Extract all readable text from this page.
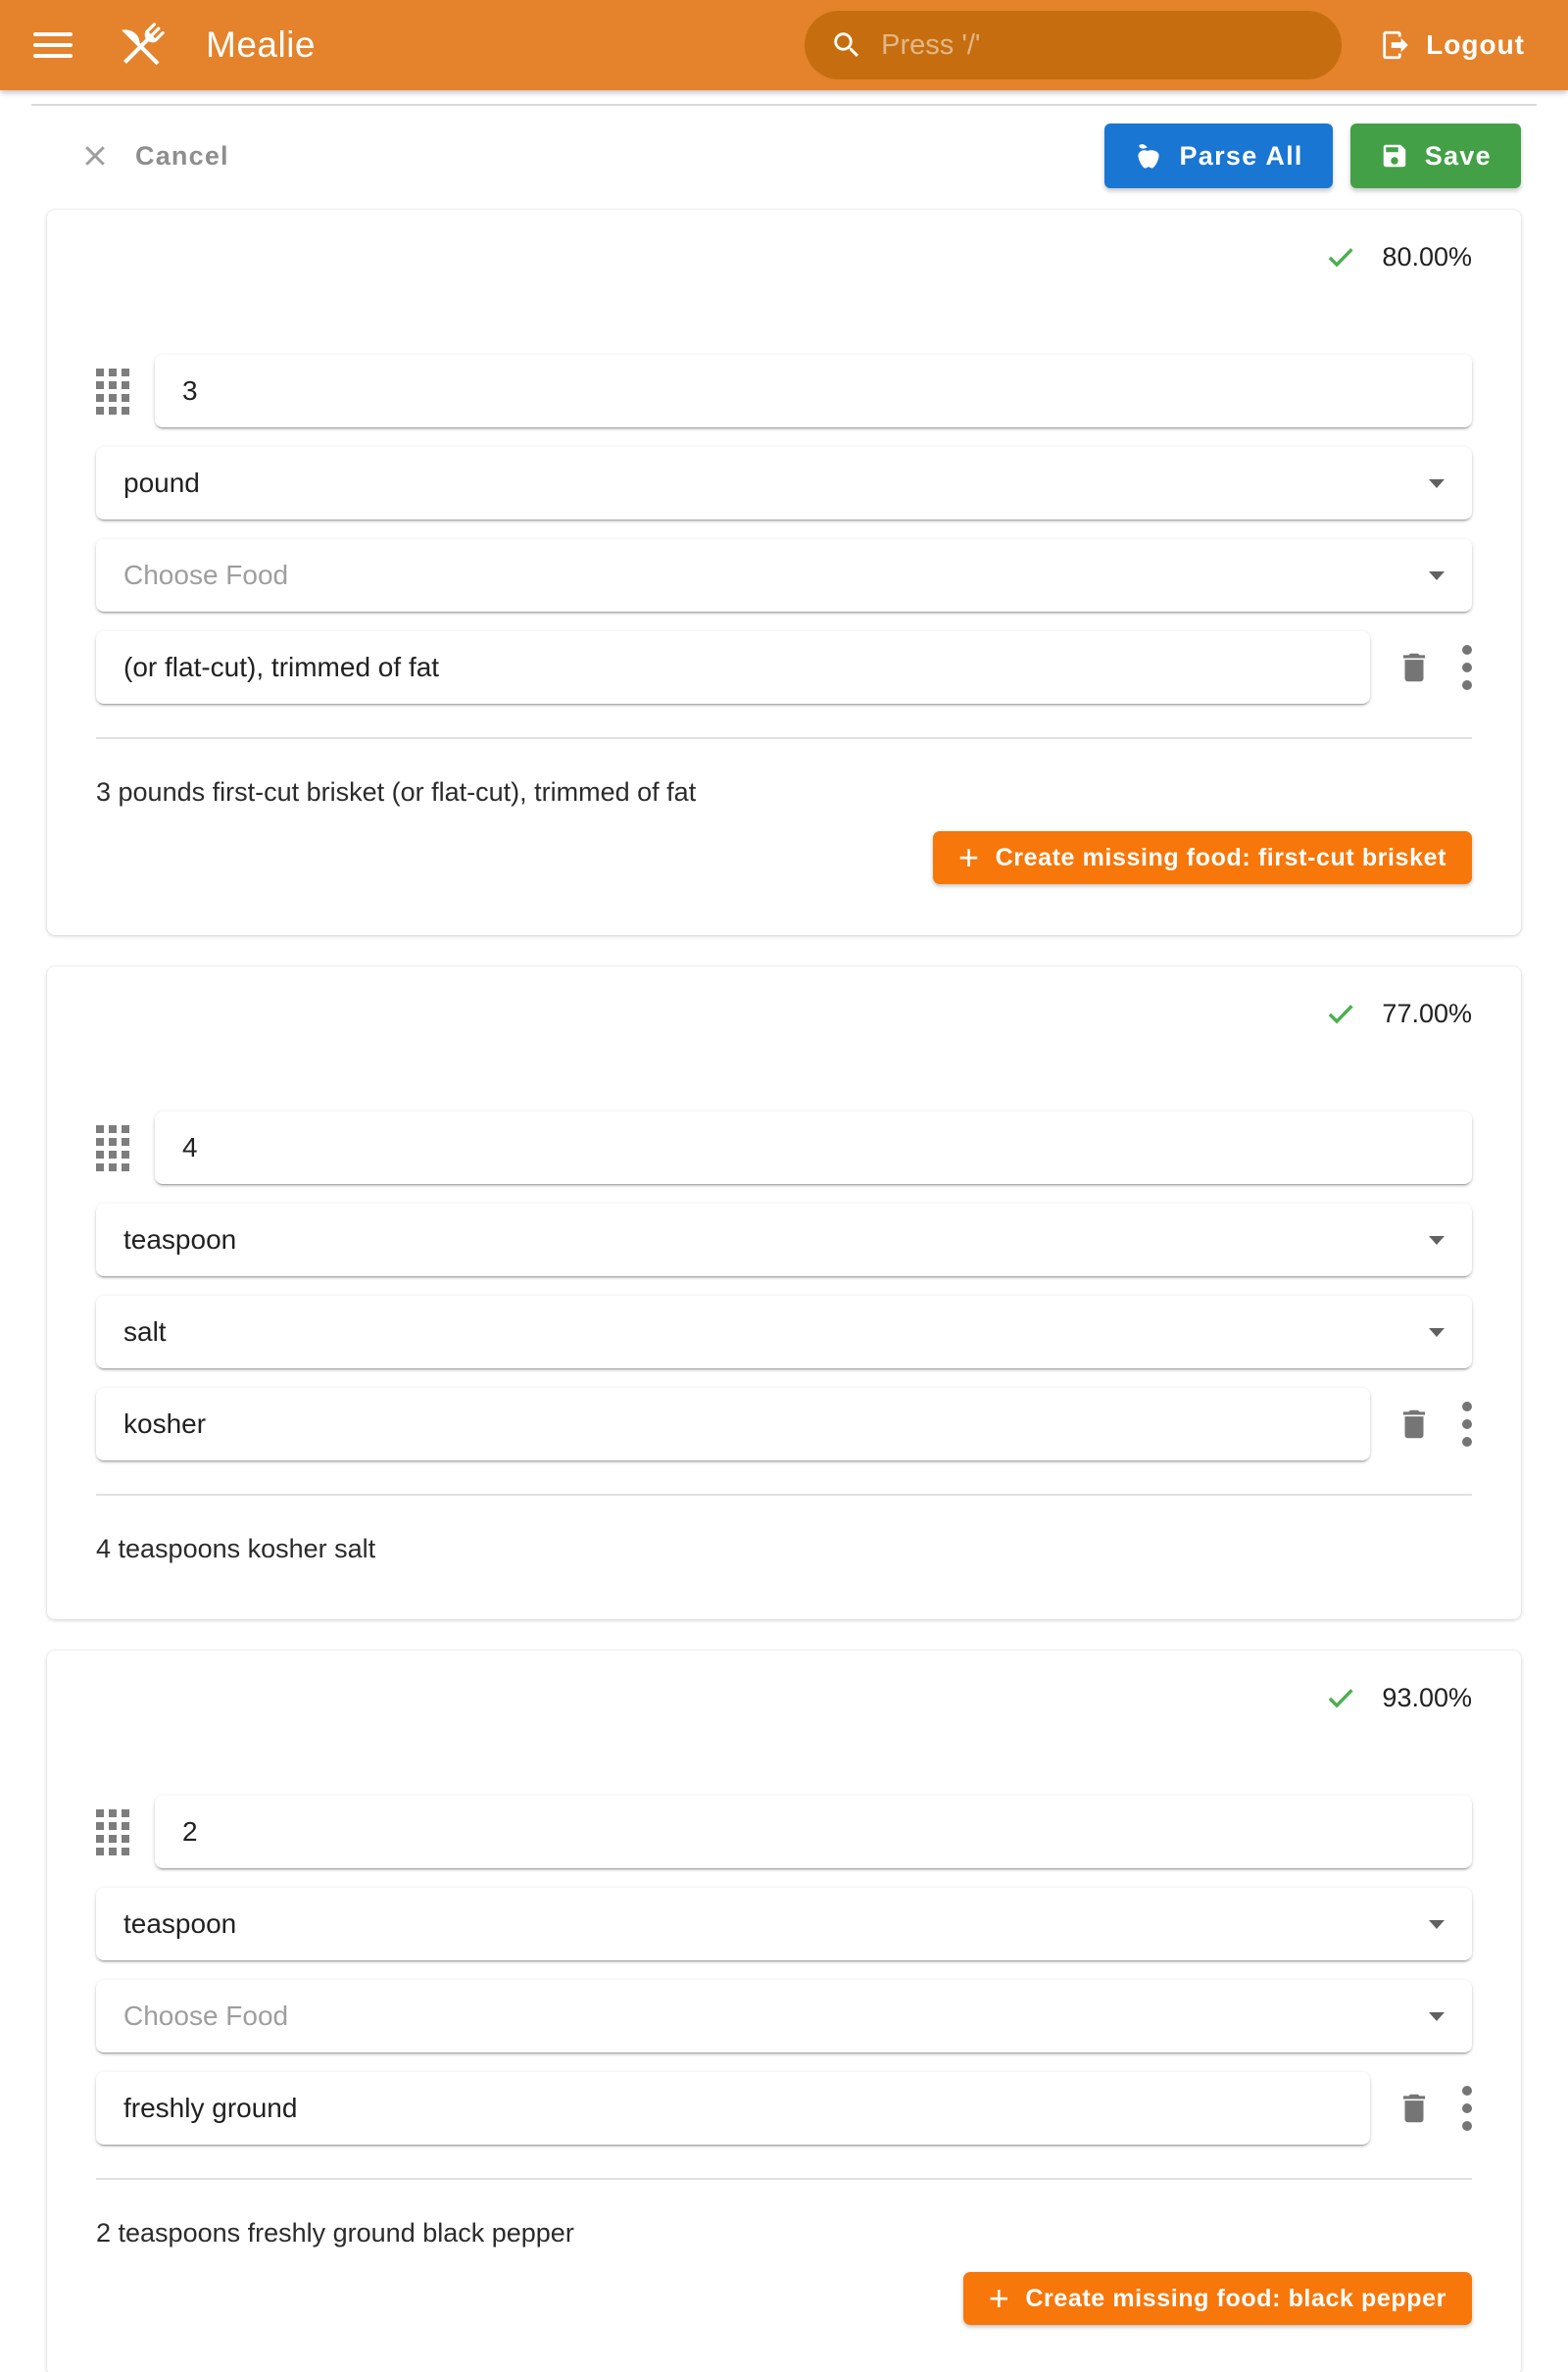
Mealie
Press '/'	Logout
Cancel	Parse All	Save
80.00%
3
pound
Choose Food
(or flat-cut), trimmed of fat

3 pounds first-cut brisket (or flat-cut), trimmed of fat

+ Create missing food: first-cut brisket
77.00%
4
teaspoon
salt
kosher

4 teaspoons kosher salt

93.00%
2
teaspoon
Choose Food
freshly ground

2 teaspoons freshly ground black pepper

+ Create missing food: black pepper
